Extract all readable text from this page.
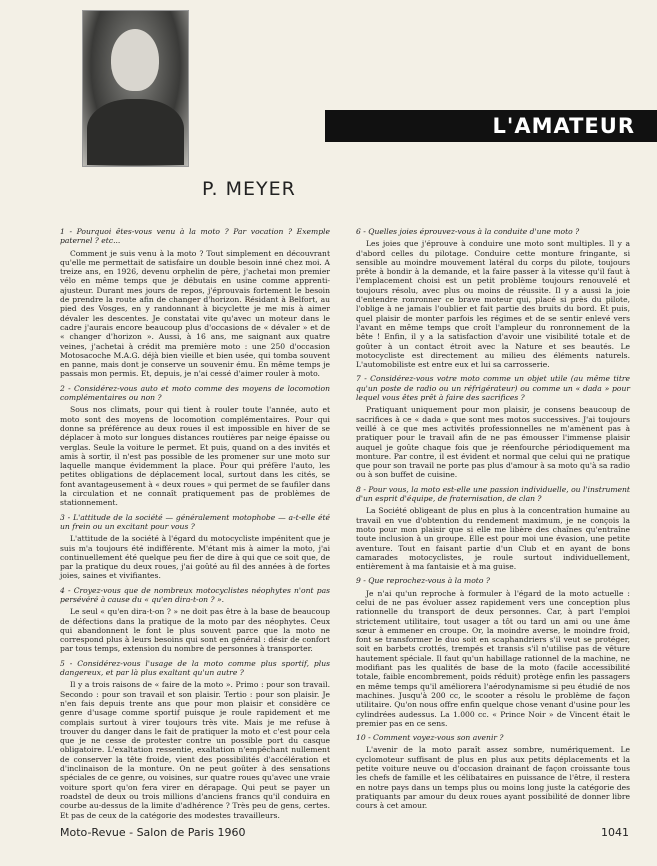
L'AMATEUR
P. MEYER

1 - Pourquoi êtes-vous venu à la moto ? Par vocation ? Exemple paternel ? etc...

Comment je suis venu à la moto ? Tout simplement en découvrant qu'elle me permettait de satisfaire un double besoin inné chez moi. A treize ans, en 1926, devenu orphelin de père, j'achetai mon premier vélo en même temps que je débutais en usine comme apprenti-ajusteur. Durant mes jours de repos, j'éprouvais fortement le besoin de prendre la route afin de changer d'horizon. Résidant à Belfort, au pied des Vosges, en y randonnant à bicyclette je me mis à aimer dévaler les descentes. Je constatai vite qu'avec un moteur dans le cadre j'aurais encore beaucoup plus d'occasions de « dévaler » et de « changer d'horizon ». Aussi, à 16 ans, me saignant aux quatre veines, j'achetai à crédit ma première moto : une 250 d'occasion Motosacoche M.A.G. déjà bien vieille et bien usée, qui tomba souvent en panne, mais dont je conserve un souvenir ému. En même temps je passais mon permis. Et, depuis, je n'ai cessé d'aimer rouler à moto.

2 - Considérez-vous auto et moto comme des moyens de locomotion complémentaires ou non ?

Sous nos climats, pour qui tient à rouler toute l'année, auto et moto sont des moyens de locomotion complémentaires. Pour qui donne sa préférence au deux roues il est impossible en hiver de se déplacer à moto sur longues distances routières par neige épaisse ou verglas. Seule la voiture le permet. Et puis, quand on a des invités et amis à sortir, il n'est pas possible de les promener sur une moto sur laquelle manque évidemment la place. Pour qui préfère l'auto, les petites obligations de déplacement local, surtout dans les cités, se font avantageusement à « deux roues » qui permet de se faufiler dans la circulation et ne connaît pratiquement pas de problèmes de stationnement.

3 - L'attitude de la société — généralement motophobe — a-t-elle été un frein ou un excitant pour vous ?

L'attitude de la société à l'égard du motocycliste impénitent que je suis m'a toujours été indifférente. M'étant mis à aimer la moto, j'ai continuellement été quelque peu fier de dire à qui que ce soit que, de par la pratique du deux roues, j'ai goûté au fil des années à de fortes joies, saines et vivifiantes.

4 - Croyez-vous que de nombreux motocyclistes néophytes n'ont pas persévéré à cause du « qu'en dira-t-on ? ».

Le seul « qu'en dira-t-on ? » ne doit pas être à la base de beaucoup de défections dans la pratique de la moto par des néophytes. Ceux qui abandonnent le font le plus souvent parce que la moto ne correspond plus à leurs besoins qui sont en général : désir de confort par tous temps, extension du nombre de personnes à transporter.

5 - Considérez-vous l'usage de la moto comme plus sportif, plus dangereux, et par là plus exaltant qu'un autre ?

Il y a trois raisons de « faire de la moto ». Primo : pour son travail. Secondo : pour son travail et son plaisir. Tertio : pour son plaisir. Je n'en fais depuis trente ans que pour mon plaisir et considère ce genre d'usage comme sportif puisque je roule rapidement et me complais surtout à virer toujours très vite. Mais je me refuse à trouver du danger dans le fait de pratiquer la moto et c'est pour cela que je ne cesse de protester contre un possible port du casque obligatoire. L'exaltation ressentie, exaltation n'empêchant nullement de conserver la tête froide, vient des possibilités d'accélération et d'inclinaison de la monture. On ne peut goûter à des sensations spéciales de ce genre, ou voisines, sur quatre roues qu'avec une vraie voiture sport qu'on fera virer en dérapage. Qui peut se payer un roadstel de deux ou trois millions d'anciens francs qu'il conduira en courbe au-dessus de la limite d'adhérence ? Très peu de gens, certes. Et pas de ceux de la catégorie des modestes travailleurs.

6 - Quelles joies éprouvez-vous à la conduite d'une moto ?

Les joies que j'éprouve à conduire une moto sont multiples. Il y a d'abord celles du pilotage. Conduire cette monture fringante, si sensible au moindre mouvement latéral du corps du pilote, toujours prête à bondir à la demande, et la faire passer à la vitesse qu'il faut à l'emplacement choisi est un petit problème toujours renouvelé et toujours résolu, avec plus ou moins de réussite. Il y a aussi la joie d'entendre ronronner ce brave moteur qui, placé si près du pilote, l'oblige à ne jamais l'oublier et fait partie des bruits du bord. Et puis, quel plaisir de monter parfois les régimes et de se sentir enlevé vers l'avant en même temps que croît l'ampleur du ronronnement de la bête ! Enfin, il y a la satisfaction d'avoir une visibilité totale et de goûter à un contact étroit avec la Nature et ses beautés. Le motocycliste est directement au milieu des éléments naturels. L'automobiliste est entre eux et lui sa carrosserie.

7 - Considérez-vous votre moto comme un objet utile (au même titre qu'un poste de radio ou un réfrigérateur) ou comme un « dada » pour lequel vous êtes prêt à faire des sacrifices ?

Pratiquant uniquement pour mon plaisir, je consens beaucoup de sacrifices à ce « dada » que sont mes motos successives. J'ai toujours veillé à ce que mes activités professionnelles ne m'amènent pas à pratiquer pour le travail afin de ne pas émousser l'immense plaisir auquel je goûte chaque fois que je réenfourche périodiquement ma monture. Par contre, il est évident et normal que celui qui ne pratique que pour son travail ne porte pas plus d'amour à sa moto qu'à sa radio ou à son buffet de cuisine.

8 - Pour vous, la moto est-elle une passion individuelle, ou l'instrument d'un esprit d'équipe, de fraternisation, de clan ?

La Société obligeant de plus en plus à la concentration humaine au travail en vue d'obtention du rendement maximum, je ne conçois la moto pour mon plaisir que si elle me libère des chaînes qu'entraîne toute inclusion à un groupe. Elle est pour moi une évasion, une petite aventure. Tout en faisant partie d'un Club et en ayant de bons camarades motocyclistes, je roule surtout individuellement, entièrement à ma fantaisie et à ma guise.

9 - Que reprochez-vous à la moto ?

Je n'ai qu'un reproche à formuler à l'égard de la moto actuelle : celui de ne pas évoluer assez rapidement vers une conception plus rationnelle du transport de deux personnes. Car, à part l'emploi strictement utilitaire, tout usager a tôt ou tard un ami ou une âme sœur à emmener en croupe. Or, la moindre averse, le moindre froid, font se transformer le duo soit en scaphandriers s'il veut se protéger, soit en barbets crottés, trempés et transis s'il n'utilise pas de vêture hautement spéciale. Il faut qu'un habillage rationnel de la machine, ne modifiant pas les qualités de base de la moto (facile accessibilité totale, faible encombrement, poids réduit) protège enfin les passagers en même temps qu'il améliorera l'aérodynamisme si peu étudié de nos machines. Jusqu'à 200 cc, le scooter a résolu le problème de façon utilitaire. Qu'on nous offre enfin quelque chose venant d'usine pour les cylindrées audessus. La 1.000 cc. « Prince Noir » de Vincent était le premier pas en ce sens.

10 - Comment voyez-vous son avenir ?

L'avenir de la moto paraît assez sombre, numériquement. Le cyclomoteur suffisant de plus en plus aux petits déplacements et la petite voiture neuve ou d'occasion drainant de façon croissante tous les chefs de famille et les célibataires en puissance de l'être, il restera en notre pays dans un temps plus ou moins long juste la catégorie des pratiquants par amour du deux roues ayant possibilité de donner libre cours à cet amour.

Moto-Revue - Salon de Paris 1960	1041
